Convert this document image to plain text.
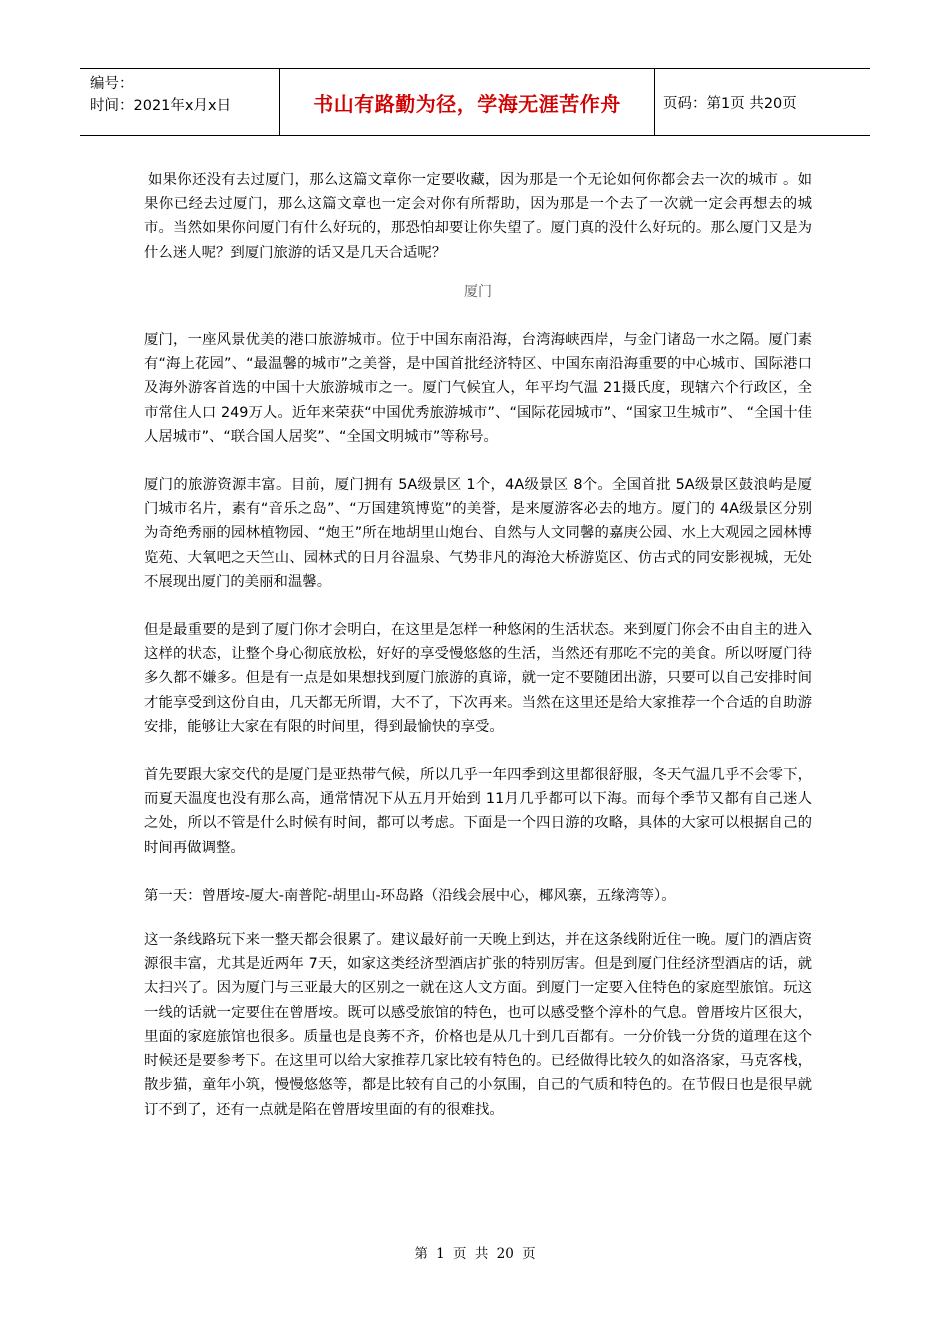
编号：
时间：2021年x月x日	书山有路勤为径，学海无涯苦作舟	页码：第1页 共20页

如果你还没有去过厦门，那么这篇文章你一定要收藏，因为那是一个无论如何你都会去一次的城市 。如果你已经去过厦门，那么这篇文章也一定会对你有所帮助，因为那是一个去了一次就一定会再想去的城市。当然如果你问厦门有什么好玩的，那恐怕却要让你失望了。厦门真的没什么好玩的。那么厦门又是为什么迷人呢？到厦门旅游的话又是几天合适呢？

厦门

厦门，一座风景优美的港口旅游城市。位于中国东南沿海，台湾海峡西岸，与金门诸岛一水之隔。厦门素有“海上花园”、“最温馨的城市”之美誉，是中国首批经济特区、中国东南沿海重要的中心城市、国际港口及海外游客首选的中国十大旅游城市之一。厦门气候宜人，年平均气温 21摄氏度，现辖六个行政区，全市常住人口 249万人。近年来荣获“中国优秀旅游城市”、“国际花园城市”、“国家卫生城市”、 “全国十佳人居城市”、“联合国人居奖”、“全国文明城市”等称号。

厦门的旅游资源丰富。目前，厦门拥有 5A级景区 1个，4A级景区 8个。全国首批 5A级景区鼓浪屿是厦门城市名片，素有“音乐之岛”、“万国建筑博览”的美誉，是来厦游客必去的地方。厦门的 4A级景区分别为奇绝秀丽的园林植物园、“炮王”所在地胡里山炮台、自然与人文同馨的嘉庚公园、水上大观园之园林博览苑、大氧吧之天竺山、园林式的日月谷温泉、气势非凡的海沧大桥游览区、仿古式的同安影视城，无处不展现出厦门的美丽和温馨。

但是最重要的是到了厦门你才会明白，在这里是怎样一种悠闲的生活状态。来到厦门你会不由自主的进入这样的状态，让整个身心彻底放松，好好的享受慢悠悠的生活，当然还有那吃不完的美食。所以呀厦门待多久都不嫌多。但是有一点是如果想找到厦门旅游的真谛，就一定不要随团出游，只要可以自己安排时间才能享受到这份自由，几天都无所谓，大不了，下次再来。当然在这里还是给大家推荐一个合适的自助游安排，能够让大家在有限的时间里，得到最愉快的享受。

首先要跟大家交代的是厦门是亚热带气候，所以几乎一年四季到这里都很舒服，冬天气温几乎不会零下，而夏天温度也没有那么高，通常情况下从五月开始到 11月几乎都可以下海。而每个季节又都有自己迷人之处，所以不管是什么时候有时间，都可以考虑。下面是一个四日游的攻略，具体的大家可以根据自己的时间再做调整。

第一天：曾厝垵-厦大-南普陀-胡里山-环岛路（沿线会展中心，椰风寨，五缘湾等）。

这一条线路玩下来一整天都会很累了。建议最好前一天晚上到达，并在这条线附近住一晚。厦门的酒店资源很丰富，尤其是近两年 7天，如家这类经济型酒店扩张的特别厉害。但是到厦门住经济型酒店的话，就太扫兴了。因为厦门与三亚最大的区别之一就在这人文方面。到厦门一定要入住特色的家庭型旅馆。玩这一线的话就一定要住在曾厝垵。既可以感受旅馆的特色，也可以感受整个淳朴的气息。曾厝垵片区很大，里面的家庭旅馆也很多。质量也是良莠不齐，价格也是从几十到几百都有。一分价钱一分货的道理在这个时候还是要参考下。在这里可以给大家推荐几家比较有特色的。已经做得比较久的如洛洛家，马克客栈，散步猫，童年小筑，慢慢悠悠等，都是比较有自己的小氛围，自己的气质和特色的。在节假日也是很早就订不到了，还有一点就是陷在曾厝垵里面的有的很难找。

第 1 页 共 20 页
